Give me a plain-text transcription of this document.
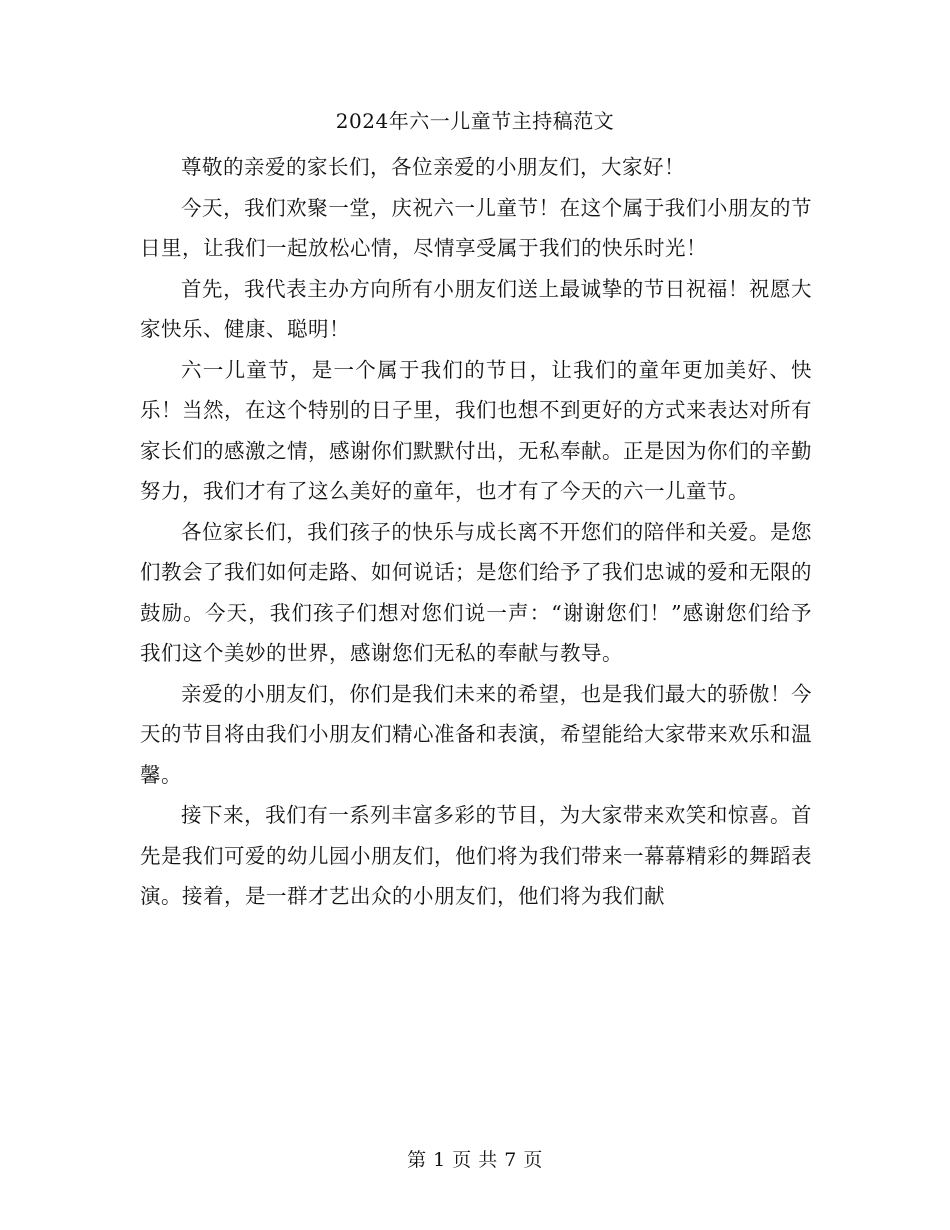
2024年六一儿童节主持稿范文

尊敬的亲爱的家长们，各位亲爱的小朋友们，大家好！

今天，我们欢聚一堂，庆祝六一儿童节！在这个属于我们小朋友的节日里，让我们一起放松心情，尽情享受属于我们的快乐时光！

首先，我代表主办方向所有小朋友们送上最诚挚的节日祝福！祝愿大家快乐、健康、聪明！

六一儿童节，是一个属于我们的节日，让我们的童年更加美好、快乐！当然，在这个特别的日子里，我们也想不到更好的方式来表达对所有家长们的感激之情，感谢你们默默付出，无私奉献。正是因为你们的辛勤努力，我们才有了这么美好的童年，也才有了今天的六一儿童节。

各位家长们，我们孩子的快乐与成长离不开您们的陪伴和关爱。是您们教会了我们如何走路、如何说话；是您们给予了我们忠诚的爱和无限的鼓励。今天，我们孩子们想对您们说一声：“谢谢您们！”感谢您们给予我们这个美妙的世界，感谢您们无私的奉献与教导。

亲爱的小朋友们，你们是我们未来的希望，也是我们最大的骄傲！今天的节目将由我们小朋友们精心准备和表演，希望能给大家带来欢乐和温馨。

接下来，我们有一系列丰富多彩的节目，为大家带来欢笑和惊喜。首先是我们可爱的幼儿园小朋友们，他们将为我们带来一幕幕精彩的舞蹈表演。接着，是一群才艺出众的小朋友们，他们将为我们献

第 1 页 共 7 页
